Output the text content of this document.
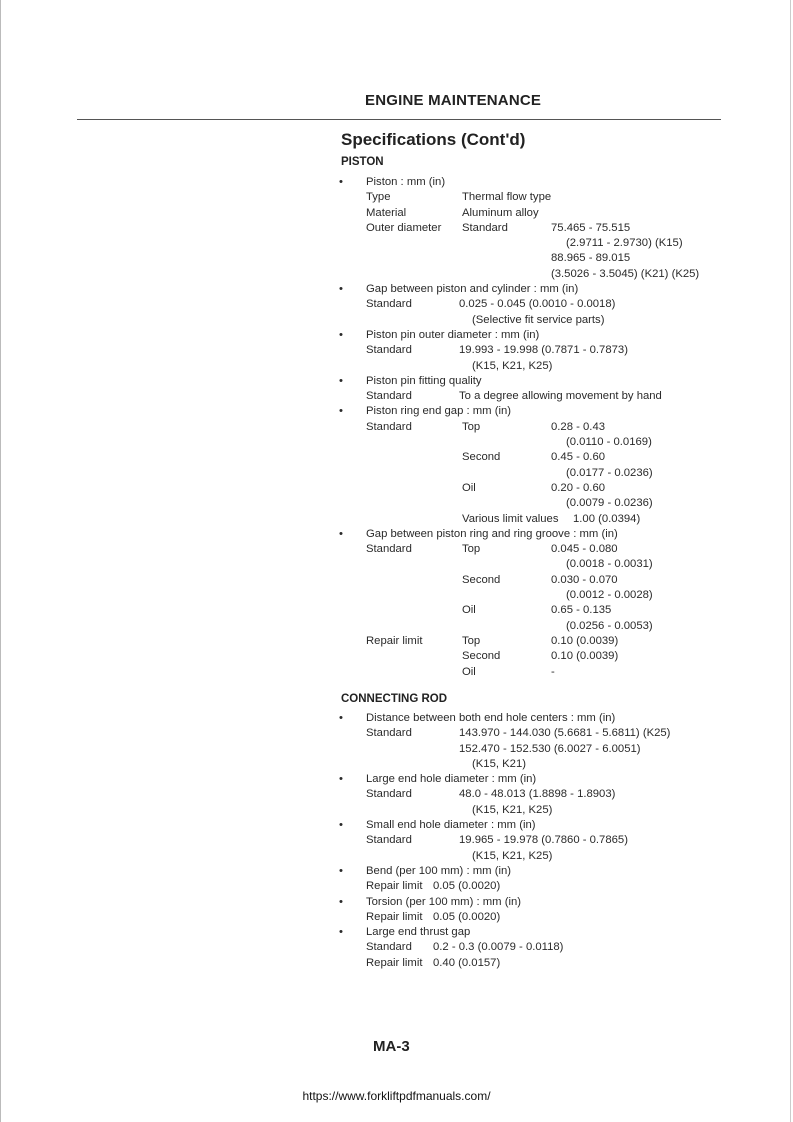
ENGINE MAINTENANCE
Specifications (Cont'd)
PISTON
• Piston : mm (in)
Type	Thermal flow type
Material	Aluminum alloy
Outer diameter Standard	75.465 - 75.515
(2.9711 - 2.9730) (K15)
88.965 - 89.015
(3.5026 - 3.5045) (K21) (K25)
• Gap between piston and cylinder : mm (in)
Standard	0.025 - 0.045 (0.0010 - 0.0018)
(Selective fit service parts)
• Piston pin outer diameter : mm (in)
Standard	19.993 - 19.998 (0.7871 - 0.7873)
(K15, K21, K25)
• Piston pin fitting quality
Standard	To a degree allowing movement by hand
• Piston ring end gap : mm (in)
Standard	Top	0.28 - 0.43
(0.0110 - 0.0169)
Second	0.45 - 0.60
(0.0177 - 0.0236)
Oil	0.20 - 0.60
(0.0079 - 0.0236)
Various limit values 1.00 (0.0394)
• Gap between piston ring and ring groove : mm (in)
Standard	Top	0.045 - 0.080
(0.0018 - 0.0031)
Second	0.030 - 0.070
(0.0012 - 0.0028)
Oil	0.65 - 0.135
(0.0256 - 0.0053)
Repair limit	Top	0.10 (0.0039)
Second	0.10 (0.0039)
Oil	-
CONNECTING ROD
• Distance between both end hole centers : mm (in)
Standard	143.970 - 144.030 (5.6681 - 5.6811) (K25)
152.470 - 152.530 (6.0027 - 6.0051)
(K15, K21)
• Large end hole diameter : mm (in)
Standard	48.0 - 48.013 (1.8898 - 1.8903)
(K15, K21, K25)
• Small end hole diameter : mm (in)
Standard	19.965 - 19.978 (0.7860 - 0.7865)
(K15, K21, K25)
• Bend (per 100 mm) : mm (in)
Repair limit 0.05 (0.0020)
• Torsion (per 100 mm) : mm (in)
Repair limit 0.05 (0.0020)
• Large end thrust gap
Standard 0.2 - 0.3 (0.0079 - 0.0118)
Repair limit 0.40 (0.0157)
MA-3
https://www.forkliftpdfmanuals.com/
